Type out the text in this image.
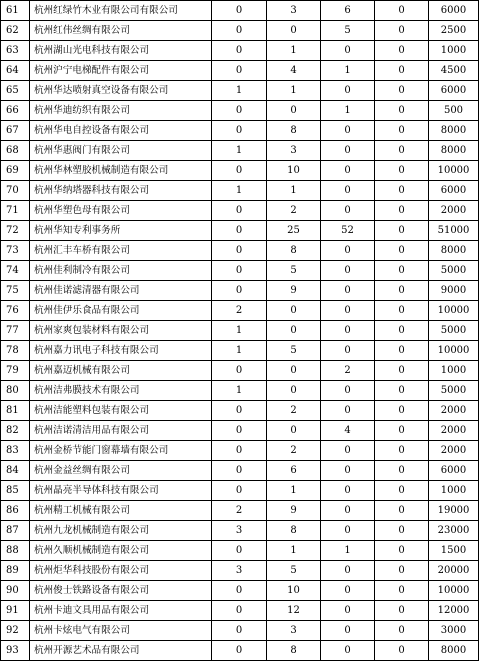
61	杭州红绿竹木业有限公司有限公司	0	3	6	0	6000
62	杭州红伟丝绸有限公司	0	0	5	0	2500
63	杭州湖山光电科技有限公司	0	1	0	0	1000
64	杭州沪宁电梯配件有限公司	0	4	1	0	4500
65	杭州华达喷射真空设备有限公司	1	1	0	0	6000
66	杭州华迪纺织有限公司	0	0	1	0	500
67	杭州华电自控设备有限公司	0	8	0	0	8000
68	杭州华惠阀门有限公司	1	3	0	0	8000
69	杭州华林塑胶机械制造有限公司	0	10	0	0	10000
70	杭州华纳塔器科技有限公司	1	1	0	0	6000
71	杭州华塑色母有限公司	0	2	0	0	2000
72	杭州华知专利事务所	0	25	52	0	51000
73	杭州汇丰车桥有限公司	0	8	0	0	8000
74	杭州佳利制冷有限公司	0	5	0	0	5000
75	杭州佳诺滤清器有限公司	0	9	0	0	9000
76	杭州佳伊乐食品有限公司	2	0	0	0	10000
77	杭州家爽包装材料有限公司	1	0	0	0	5000
78	杭州嘉力讯电子科技有限公司	1	5	0	0	10000
79	杭州嘉迈机械有限公司	0	0	2	0	1000
80	杭州洁弗膜技术有限公司	1	0	0	0	5000
81	杭州洁能塑料包装有限公司	0	2	0	0	2000
82	杭州洁诺清洁用品有限公司	0	0	4	0	2000
83	杭州金桥节能门窗幕墙有限公司	0	2	0	0	2000
84	杭州金益丝绸有限公司	0	6	0	0	6000
85	杭州晶亮半导体科技有限公司	0	1	0	0	1000
86	杭州精工机械有限公司	2	9	0	0	19000
87	杭州九龙机械制造有限公司	3	8	0	0	23000
88	杭州久顺机械制造有限公司	0	1	1	0	1500
89	杭州炬华科技股份有限公司	3	5	0	0	20000
90	杭州俊士铁路设备有限公司	0	10	0	0	10000
91	杭州卡迪文具用品有限公司	0	12	0	0	12000
92	杭州卡炫电气有限公司	0	3	0	0	3000
93	杭州开源艺术品有限公司	0	8	0	0	8000
